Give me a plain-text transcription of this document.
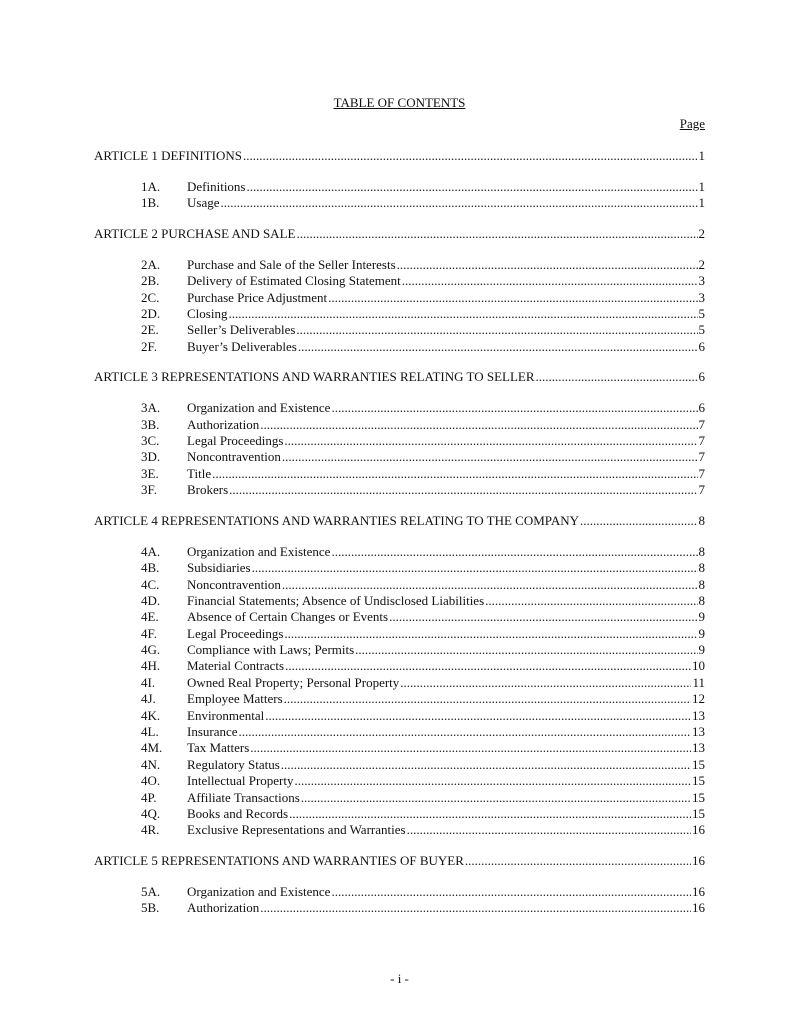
TABLE OF CONTENTS
Page
ARTICLE 1 DEFINITIONS .....	1
1A.	Definitions .....	1
1B.	Usage .....	1
ARTICLE 2 PURCHASE AND SALE .....	2
2A.	Purchase and Sale of the Seller Interests .....	2
2B.	Delivery of Estimated Closing Statement .....	3
2C.	Purchase Price Adjustment .....	3
2D.	Closing .....	5
2E.	Seller’s Deliverables .....	5
2F.	Buyer’s Deliverables .....	6
ARTICLE 3 REPRESENTATIONS AND WARRANTIES RELATING TO SELLER .....	6
3A.	Organization and Existence .....	6
3B.	Authorization .....	7
3C.	Legal Proceedings .....	7
3D.	Noncontravention .....	7
3E.	Title .....	7
3F.	Brokers .....	7
ARTICLE 4 REPRESENTATIONS AND WARRANTIES RELATING TO THE COMPANY .....	8
4A.	Organization and Existence .....	8
4B.	Subsidiaries .....	8
4C.	Noncontravention .....	8
4D.	Financial Statements; Absence of Undisclosed Liabilities .....	8
4E.	Absence of Certain Changes or Events .....	9
4F.	Legal Proceedings .....	9
4G.	Compliance with Laws; Permits .....	9
4H.	Material Contracts .....	10
4I.	Owned Real Property; Personal Property .....	11
4J.	Employee Matters .....	12
4K.	Environmental .....	13
4L.	Insurance .....	13
4M.	Tax Matters .....	13
4N.	Regulatory Status .....	15
4O.	Intellectual Property .....	15
4P.	Affiliate Transactions .....	15
4Q.	Books and Records .....	15
4R.	Exclusive Representations and Warranties .....	16
ARTICLE 5 REPRESENTATIONS AND WARRANTIES OF BUYER .....	16
5A.	Organization and Existence .....	16
5B.	Authorization .....	16
- i -
